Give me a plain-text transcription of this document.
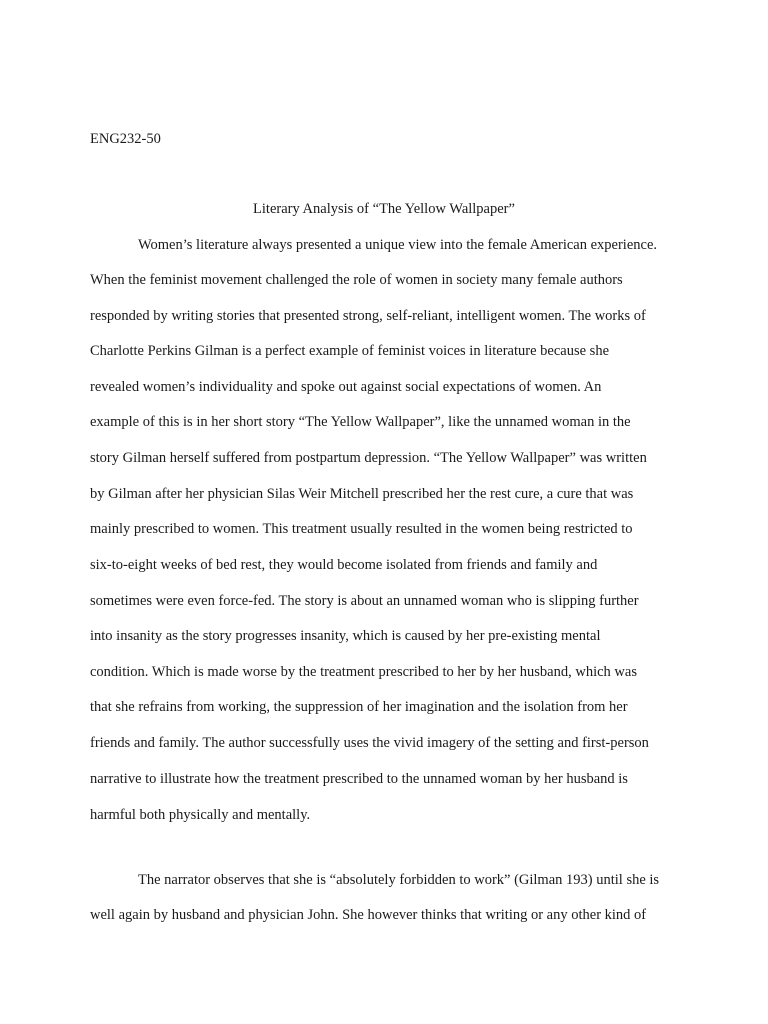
ENG232-50
Literary Analysis of “The Yellow Wallpaper”
Women’s literature always presented a unique view into the female American experience.
When the feminist movement challenged the role of women in society many female authors
responded by writing stories that presented strong, self-reliant, intelligent women. The works of
Charlotte Perkins Gilman is a perfect example of feminist voices in literature because she
revealed women’s individuality and spoke out against social expectations of women. An
example of this is in her short story “The Yellow Wallpaper”, like the unnamed woman in the
story Gilman herself suffered from postpartum depression. “The Yellow Wallpaper” was written
by Gilman after her physician Silas Weir Mitchell prescribed her the rest cure, a cure that was
mainly prescribed to women. This treatment usually resulted in the women being restricted to
six-to-eight weeks of bed rest, they would become isolated from friends and family and
sometimes were even force-fed. The story is about an unnamed woman who is slipping further
into insanity as the story progresses insanity, which is caused by her pre-existing mental
condition. Which is made worse by the treatment prescribed to her by her husband, which was
that she refrains from working, the suppression of her imagination and the isolation from her
friends and family. The author successfully uses the vivid imagery of the setting and first-person
narrative to illustrate how the treatment prescribed to the unnamed woman by her husband is
harmful both physically and mentally.
The narrator observes that she is “absolutely forbidden to work” (Gilman 193) until she is
well again by husband and physician John. She however thinks that writing or any other kind of
